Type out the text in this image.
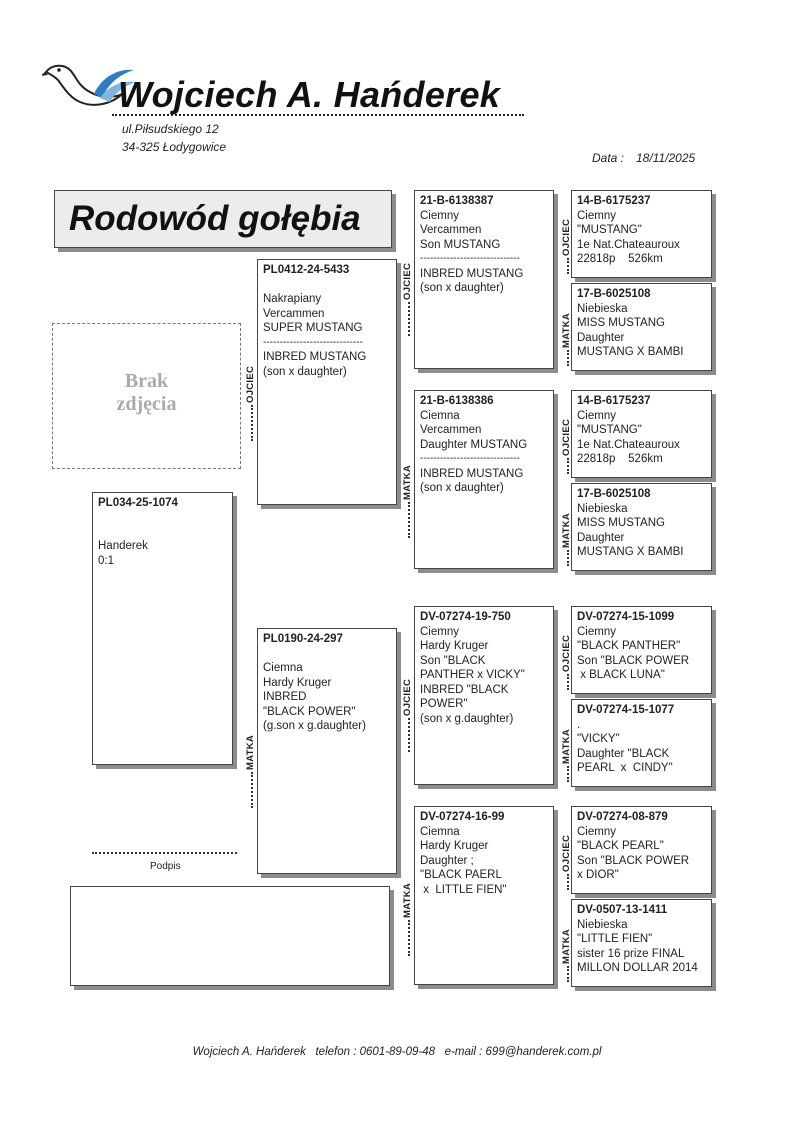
Wojciech A. Hańderek
ul.Piłsudskiego 12
34-325 Łodygowice
Data : 18/11/2025
Rodowód gołębia
Brak
zdjęcia
PL034-25-1074
Handerek
0:1
Podpis
PL0412-24-5433
Nakrapiany
Vercammen
SUPER MUSTANG
------------------------------
INBRED MUSTANG
(son x daughter)
OJCIEC
PL0190-24-297
Ciemna
Hardy Kruger
INBRED
"BLACK POWER"
(g.son x g.daughter)
MATKA
21-B-6138387
Ciemny
Vercammen
Son MUSTANG
------------------------------
INBRED MUSTANG
(son x daughter)
OJCIEC
21-B-6138386
Ciemna
Vercammen
Daughter MUSTANG
------------------------------
INBRED MUSTANG
(son x daughter)
MATKA
DV-07274-19-750
Ciemny
Hardy Kruger
Son "BLACK
PANTHER x VICKY"
INBRED "BLACK
POWER"
(son x g.daughter)
OJCIEC
DV-07274-16-99
Ciemna
Hardy Kruger
Daughter ;
"BLACK PAERL
x  LITTLE FIEN"
MATKA
14-B-6175237
Ciemny
"MUSTANG"
1e Nat.Chateauroux
22818p    526km
OJCIEC
17-B-6025108
Niebieska
MISS MUSTANG
Daughter
MUSTANG X BAMBI
MATKA
14-B-6175237
Ciemny
"MUSTANG"
1e Nat.Chateauroux
22818p    526km
OJCIEC
17-B-6025108
Niebieska
MISS MUSTANG
Daughter
MUSTANG X BAMBI
MATKA
DV-07274-15-1099
Ciemny
"BLACK PANTHER"
Son "BLACK POWER
x BLACK LUNA"
OJCIEC
DV-07274-15-1077
.
"VICKY"
Daughter "BLACK
PEARL  x  CINDY"
MATKA
DV-07274-08-879
Ciemny
"BLACK PEARL"
Son "BLACK POWER
x DIOR"
OJCIEC
DV-0507-13-1411
Niebieska
"LITTLE FIEN"
sister 16 prize FINAL
MILLON DOLLAR 2014
MATKA
Wojciech A. Hańderek   telefon : 0601-89-09-48   e-mail : 699@handerek.com.pl
